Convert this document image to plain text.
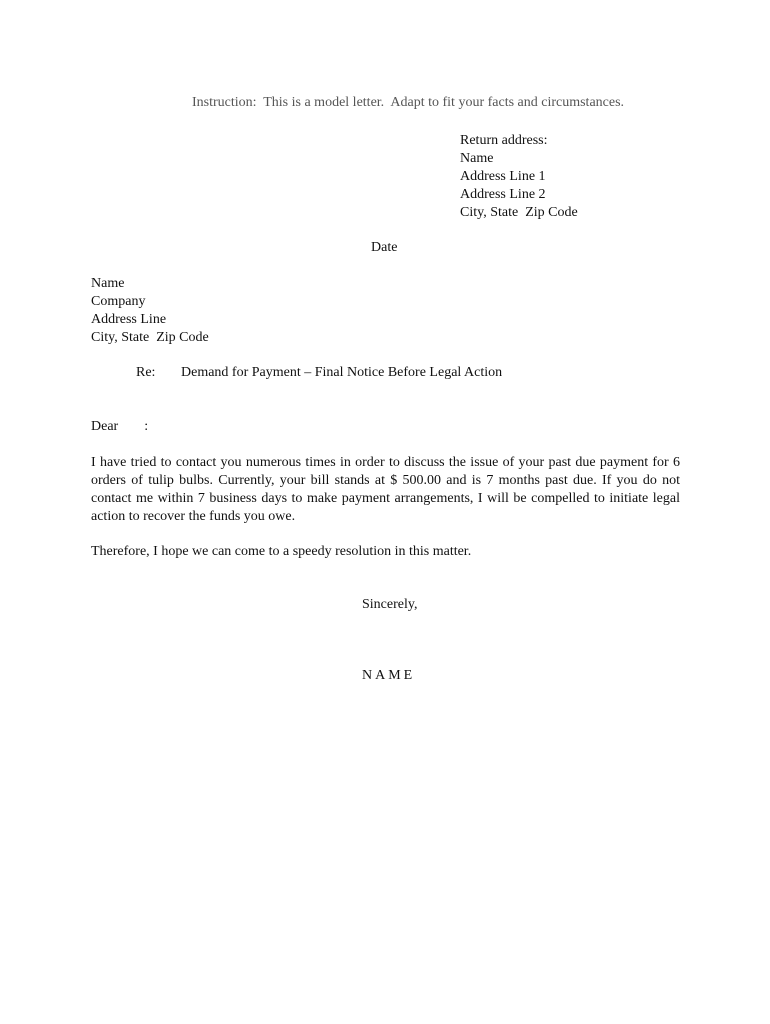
Instruction:  This is a model letter.  Adapt to fit your facts and circumstances.
Return address:
Name
Address Line 1
Address Line 2
City, State  Zip Code
Date
Name
Company
Address Line
City, State  Zip Code
Re: Demand for Payment – Final Notice Before Legal Action
Dear :
I have tried to contact you numerous times in order to discuss the issue of your past due payment for 6 orders of tulip bulbs. Currently, your bill stands at $ 500.00 and is 7 months past due. If you do not contact me within 7 business days to make payment arrangements, I will be compelled to initiate legal action to recover the funds you owe.
Therefore, I hope we can come to a speedy resolution in this matter.
Sincerely,
NAME
